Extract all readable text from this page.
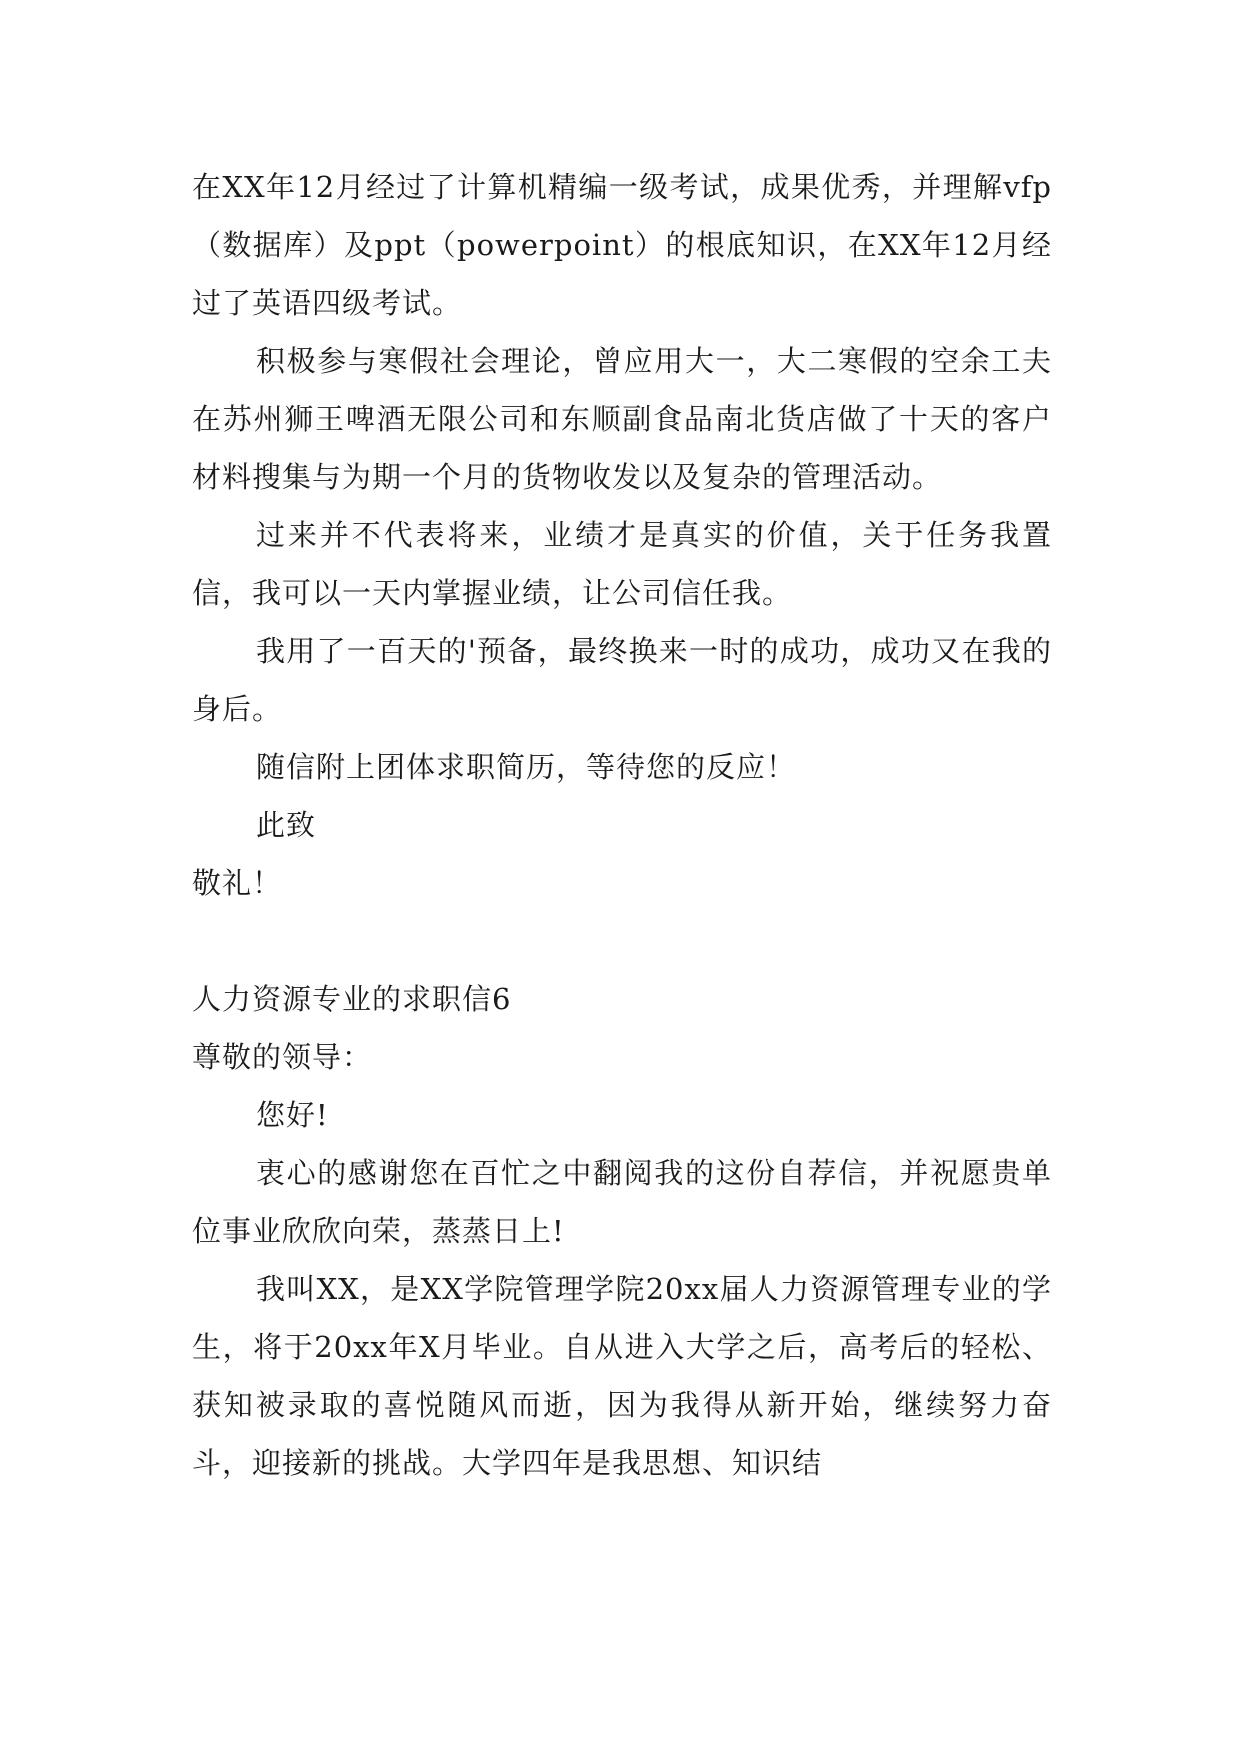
在XX年12月经过了计算机精编一级考试，成果优秀，并理解vfp（数据库）及ppt（powerpoint）的根底知识，在XX年12月经过了英语四级考试。

积极参与寒假社会理论，曾应用大一，大二寒假的空余工夫在苏州狮王啤酒无限公司和东顺副食品南北货店做了十天的客户材料搜集与为期一个月的货物收发以及复杂的管理活动。

过来并不代表将来，业绩才是真实的价值，关于任务我置信，我可以一天内掌握业绩，让公司信任我。

我用了一百天的'预备，最终换来一时的成功，成功又在我的身后。

随信附上团体求职简历，等待您的反应！

此致

敬礼！

人力资源专业的求职信6

尊敬的领导：

您好!

衷心的感谢您在百忙之中翻阅我的这份自荐信，并祝愿贵单位事业欣欣向荣，蒸蒸日上!

我叫XX，是XX学院管理学院20xx届人力资源管理专业的学生，将于20xx年X月毕业。自从进入大学之后，高考后的轻松、获知被录取的喜悦随风而逝，因为我得从新开始，继续努力奋斗，迎接新的挑战。大学四年是我思想、知识结
